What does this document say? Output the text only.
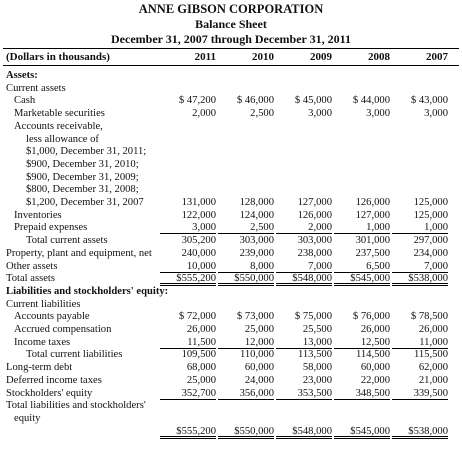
ANNE GIBSON CORPORATION
Balance Sheet
December 31, 2007 through December 31, 2011
(Dollars in thousands)	2011	2010	2009	2008	2007
Assets:
Current assets
Cash	$ 47,200	$ 46,000	$ 45,000	$ 44,000	$ 43,000
Marketable securities	2,000	2,500	3,000	3,000	3,000
Accounts receivable,
less allowance of
$1,000, December 31, 2011;
$900, December 31, 2010;
$900, December 31, 2009;
$800, December 31, 2008;
$1,200, December 31, 2007	131,000	128,000	127,000	126,000	125,000
Inventories	122,000	124,000	126,000	127,000	125,000
Prepaid expenses	3,000	2,500	2,000	1,000	1,000
Total current assets	305,200	303,000	303,000	301,000	297,000
Property, plant and equipment, net	240,000	239,000	238,000	237,500	234,000
Other assets	10,000	8,000	7,000	6,500	7,000
Total assets	$555,200	$550,000	$548,000	$545,000	$538,000
Liabilities and stockholders' equity:
Current liabilities
Accounts payable	$ 72,000	$ 73,000	$ 75,000	$ 76,000	$ 78,500
Accrued compensation	26,000	25,000	25,500	26,000	26,000
Income taxes	11,500	12,000	13,000	12,500	11,000
Total current liabilities	109,500	110,000	113,500	114,500	115,500
Long-term debt	68,000	60,000	58,000	60,000	62,000
Deferred income taxes	25,000	24,000	23,000	22,000	21,000
Stockholders' equity	352,700	356,000	353,500	348,500	339,500
Total liabilities and stockholders'
equity
$555,200	$550,000	$548,000	$545,000	$538,000
